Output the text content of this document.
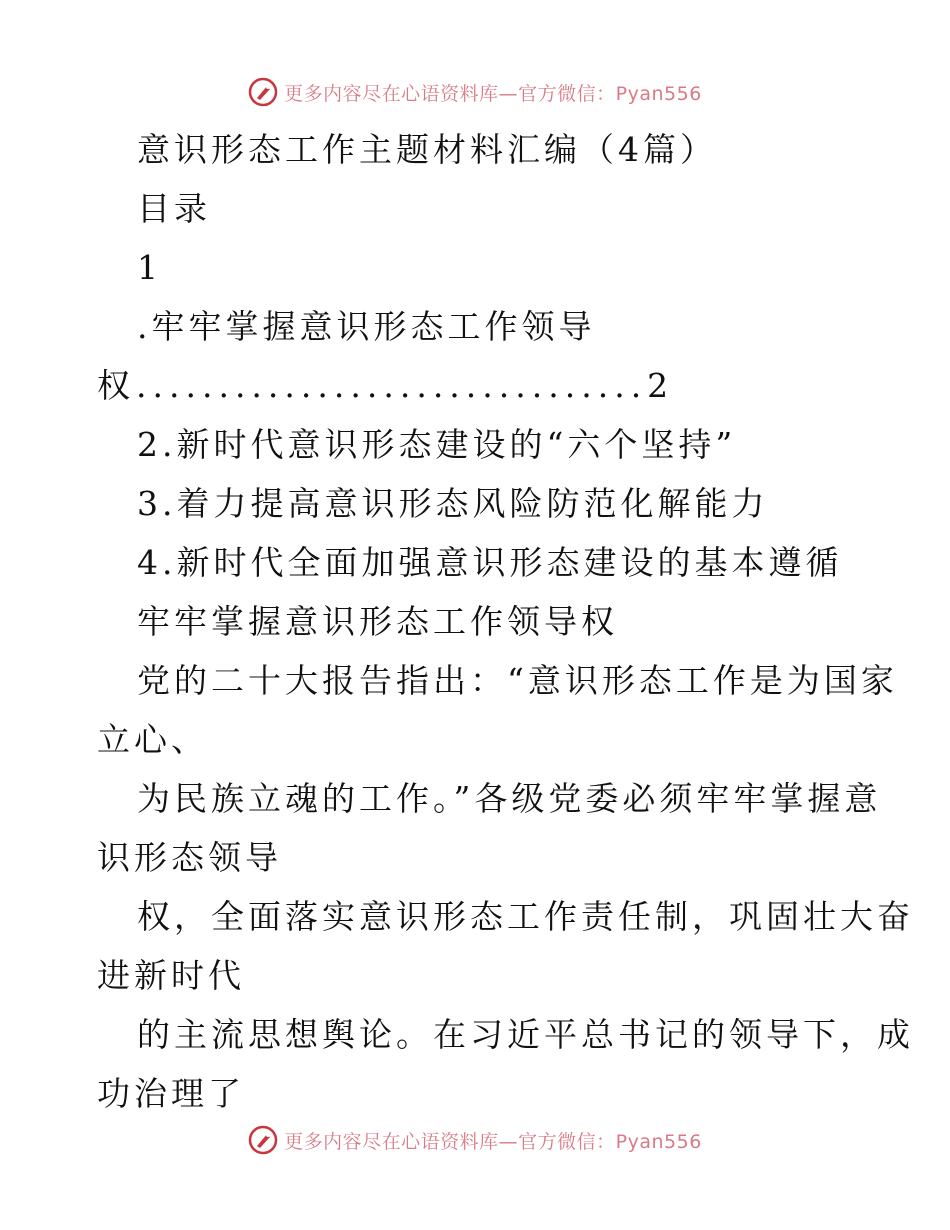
更多内容尽在心语资料库—官方微信：Pyan556
意识形态工作主题材料汇编（4篇）
目录
1
.牢牢掌握意识形态工作领导
权...............................2
2.新时代意识形态建设的“六个坚持”
3.着力提高意识形态风险防范化解能力
4.新时代全面加强意识形态建设的基本遵循
牢牢掌握意识形态工作领导权
党的二十大报告指出：“意识形态工作是为国家
立心、
为民族立魂的工作。”各级党委必须牢牢掌握意
识形态领导
权，全面落实意识形态工作责任制，巩固壮大奋
进新时代
的主流思想舆论。在习近平总书记的领导下，成
功治理了
更多内容尽在心语资料库—官方微信：Pyan556
